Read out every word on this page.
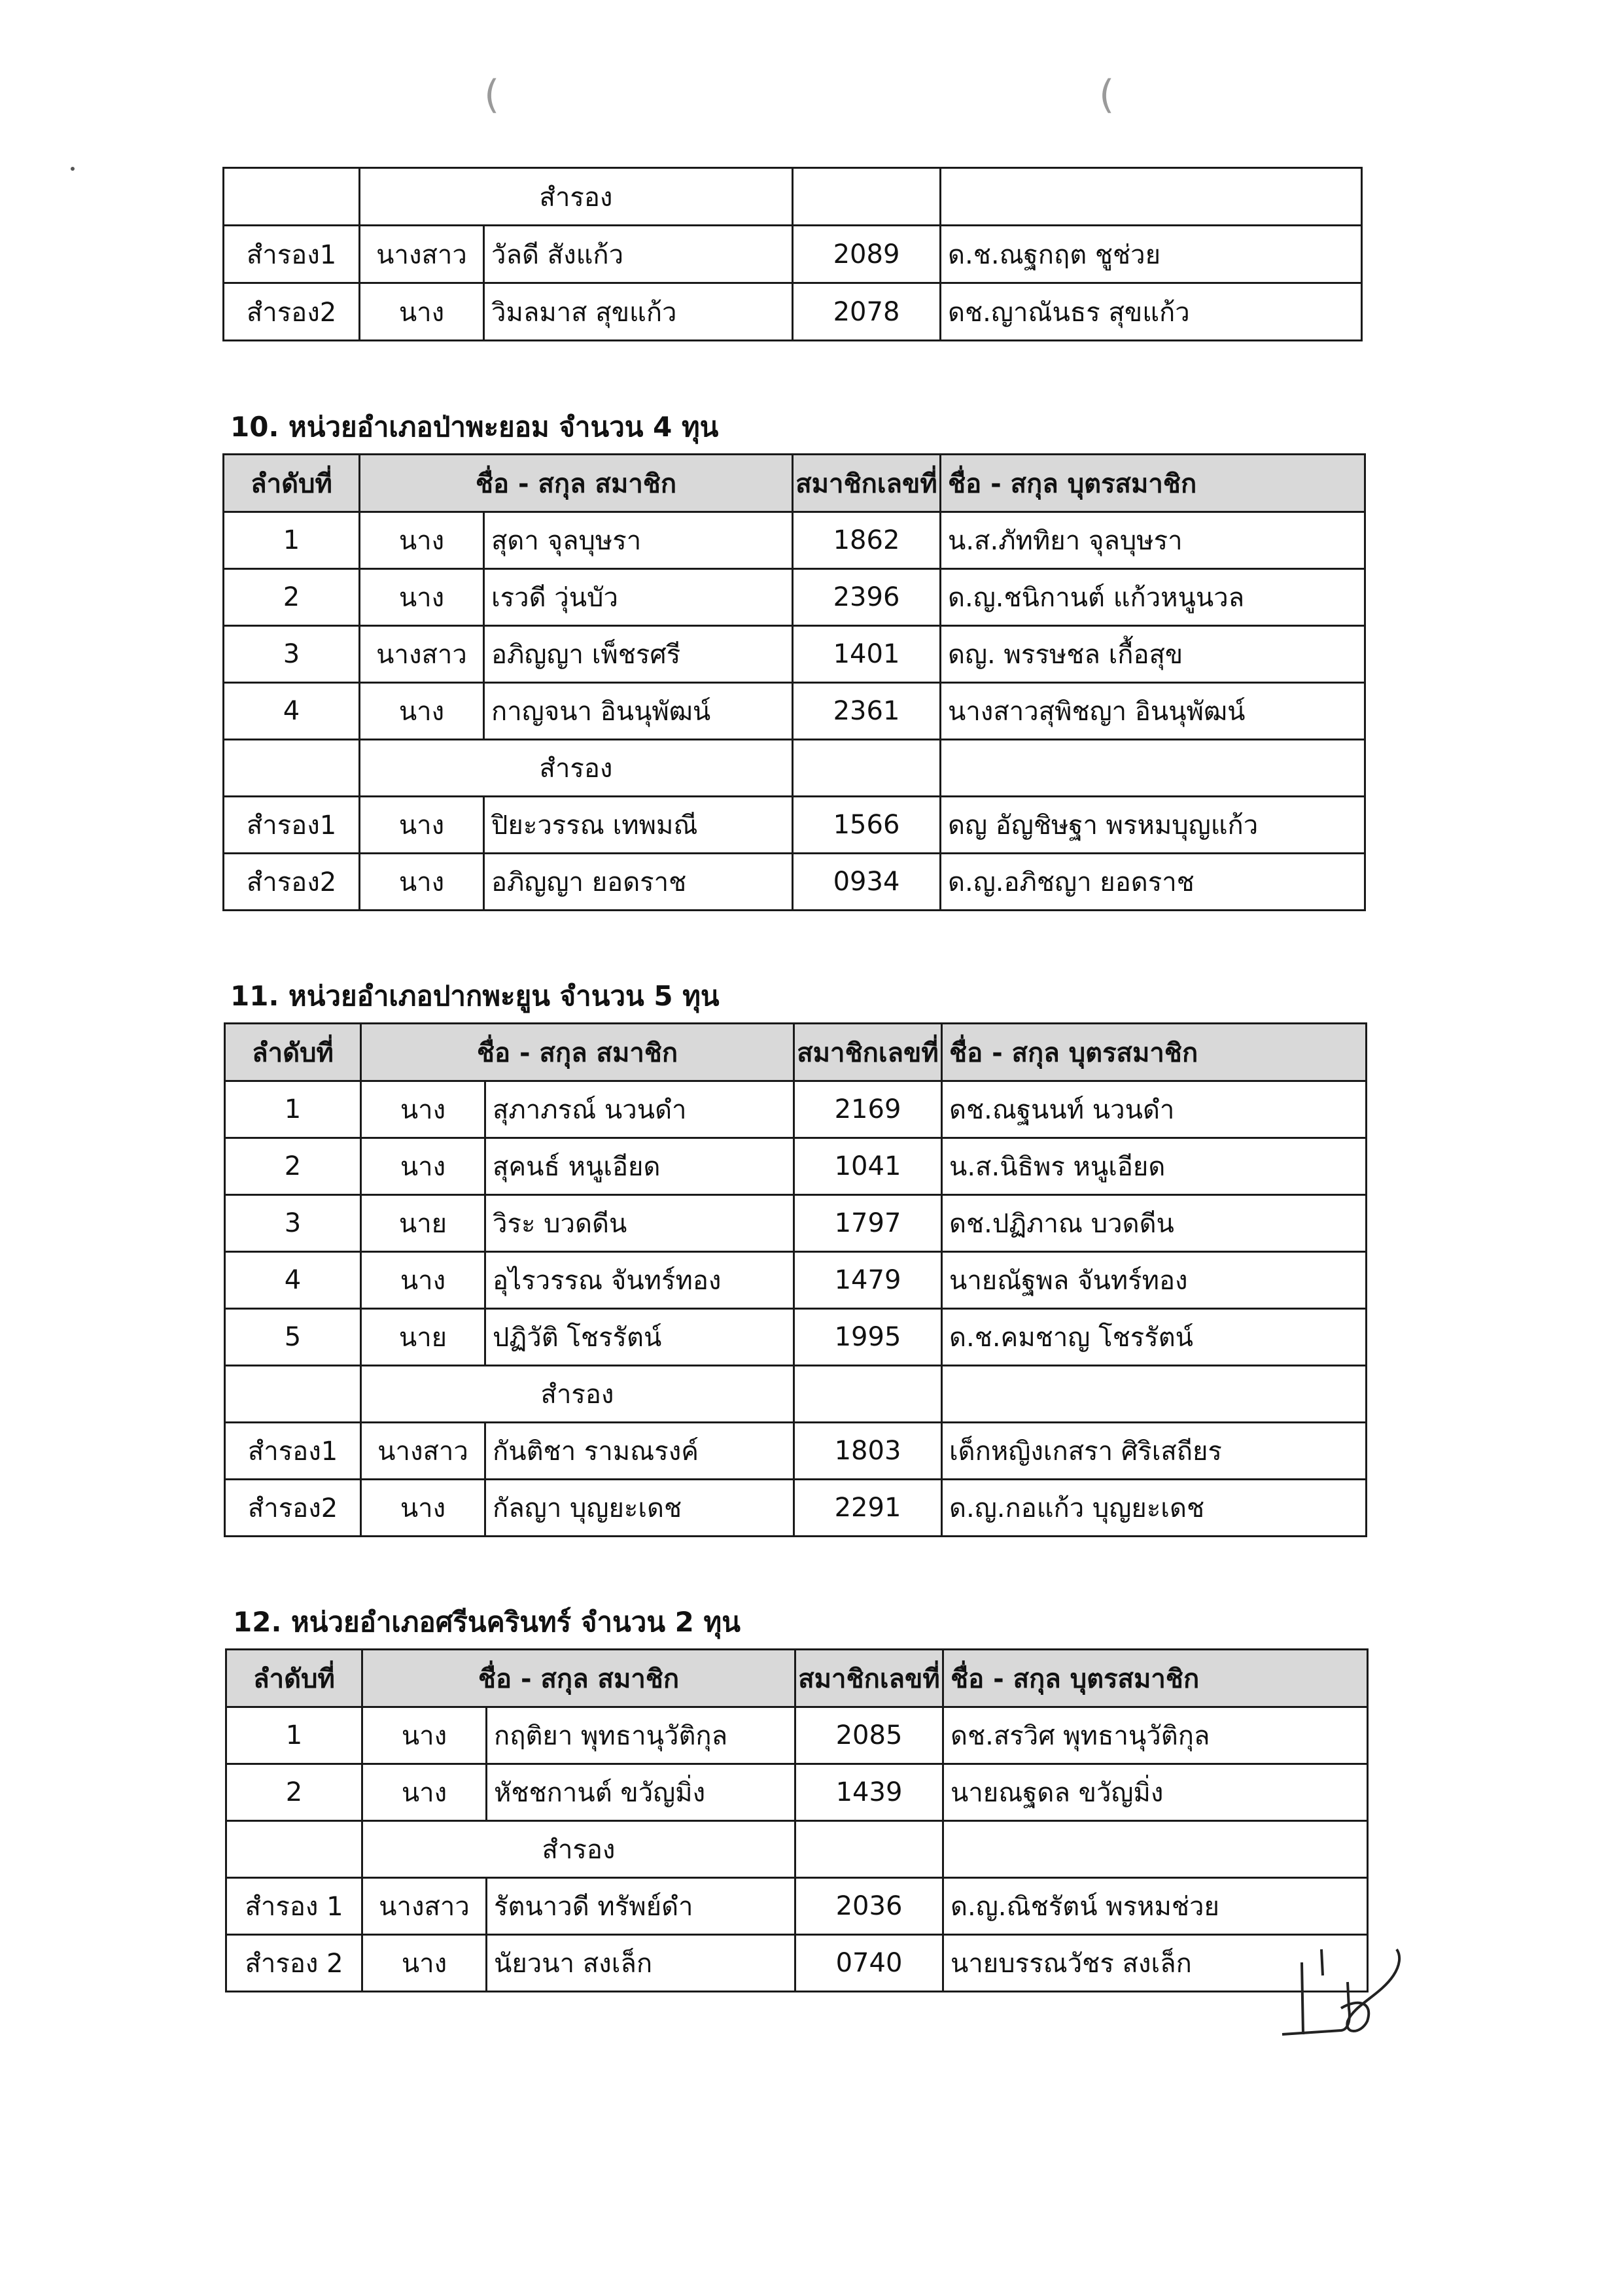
(	(
	สำรอง			
สำรอง1	นางสาว	วัลดี สังแก้ว	2089	ด.ช.ณฐกฤต ชูช่วย
สำรอง2	นาง	วิมลมาส สุขแก้ว	2078	ดช.ญาณันธร สุขแก้ว
10. หน่วยอำเภอป่าพะยอม จำนวน 4 ทุน
ลำดับที่	ชื่อ - สกุล สมาชิก		สมาชิกเลขที่	ชื่อ - สกุล บุตรสมาชิก
1	นาง	สุดา จุลบุษรา	1862	น.ส.ภัททิยา จุลบุษรา
2	นาง	เรวดี วุ่นบัว	2396	ด.ญ.ชนิกานต์ แก้วหนูนวล
3	นางสาว	อภิญญา เพ็ชรศรี	1401	ดญ. พรรษชล เกื้อสุข
4	นาง	กาญจนา อินนุพัฒน์	2361	นางสาวสุพิชญา อินนุพัฒน์
	สำรอง			
สำรอง1	นาง	ปิยะวรรณ เทพมณี	1566	ดญ อัญชิษฐา พรหมบุญแก้ว
สำรอง2	นาง	อภิญญา ยอดราช	0934	ด.ญ.อภิชญา ยอดราช
11. หน่วยอำเภอปากพะยูน จำนวน 5 ทุน
ลำดับที่	ชื่อ - สกุล สมาชิก		สมาชิกเลขที่	ชื่อ - สกุล บุตรสมาชิก
1	นาง	สุภาภรณ์ นวนดำ	2169	ดช.ณฐนนท์ นวนดำ
2	นาง	สุคนธ์ หนูเอียด	1041	น.ส.นิธิพร หนูเอียด
3	นาย	วิระ บวดดีน	1797	ดช.ปฏิภาณ บวดดีน
4	นาง	อุไรวรรณ จันทร์ทอง	1479	นายณัฐพล จันทร์ทอง
5	นาย	ปฏิวัติ โชรรัตน์	1995	ด.ช.คมชาญ โชรรัตน์
	สำรอง			
สำรอง1	นางสาว	กันติชา รามณรงค์	1803	เด็กหญิงเกสรา ศิริเสถียร
สำรอง2	นาง	กัลญา บุญยะเดช	2291	ด.ญ.กอแก้ว บุญยะเดช
12. หน่วยอำเภอศรีนครินทร์ จำนวน 2 ทุน
ลำดับที่	ชื่อ - สกุล สมาชิก		สมาชิกเลขที่	ชื่อ - สกุล บุตรสมาชิก
1	นาง	กฤติยา พุทธานุวัติกุล	2085	ดช.สรวิศ พุทธานุวัติกุล
2	นาง	หัชชกานต์ ขวัญมิ่ง	1439	นายณฐดล ขวัญมิ่ง
	สำรอง			
สำรอง 1	นางสาว	รัตนาวดี ทรัพย์ดำ	2036	ด.ญ.ณิชรัตน์ พรหมช่วย
สำรอง 2	นาง	นัยวนา สงเล็ก	0740	นายบรรณวัชร สงเล็ก
